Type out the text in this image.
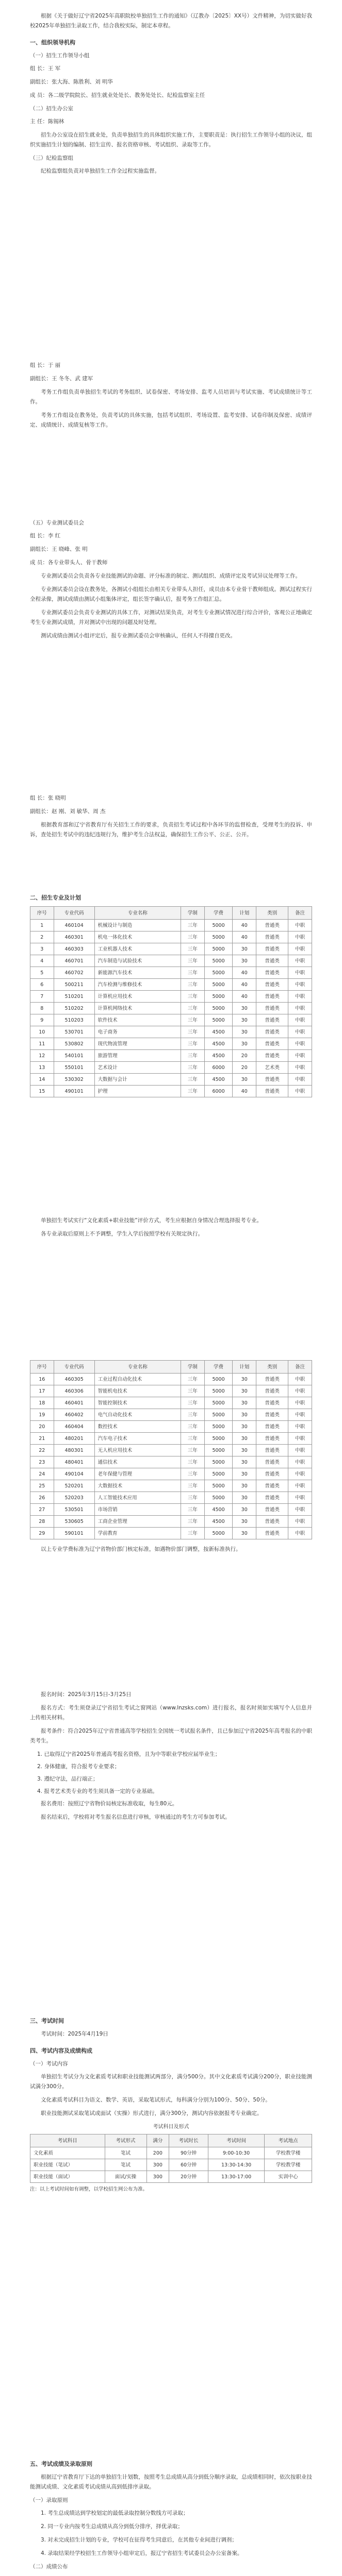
根据《关于做好辽宁省2025年高职院校单独招生工作的通知》（辽教办〔2025〕XX号）文件精神，为切实做好我校2025年单独招生录取工作，结合我校实际，制定本章程。

一、组织领导机构
（一）招生工作领导小组

组 长：王 军

副组长：张大海、陈胜利、刘 明华

成 员：各二级学院院长、招生就业处处长、教务处处长、纪检监察室主任

（二）招生办公室

主 任：陈锡林

招生办公室设在招生就业处，负责单独招生的具体组织实施工作，主要职责是：执行招生工作领导小组的决议，组织实施招生计划的编制、招生宣传、报名资格审核、考试组织、录取等工作。

（三）纪检监察组

纪检监察组负责对单独招生工作全过程实施监督。

组 长：于 丽

副组长：王 冬冬、武 建军

考务工作组负责单独招生考试的考务组织、试卷保密、考场安排、监考人员培训与考试实施、考试成绩统计等工作。

考务工作组设在教务处，负责考试的具体实施，包括考试组织、考场设置、监考安排、试卷印制及保密、成绩评定、成绩统计、成绩复核等工作。

（五）专业测试委员会

组 长：李 红

副组长：王 晓峰、张 明

成 员：各专业带头人、骨干教师

专业测试委员会负责各专业技能测试的命题、评分标准的制定、测试组织、成绩评定及考试异议处理等工作。

专业测试委员会设在教务处，各测试小组组长由相关专业带头人担任，成员由本专业骨干教师组成。测试过程实行全程录像，测试成绩由测试小组集体评定，组长签字确认后，报考务工作组汇总。

专业测试委员会负责专业测试的具体工作，对测试结果负责，对考生专业测试情况进行综合评价，客观公正地确定考生专业测试成绩，并对测试中出现的问题及时处理。

测试成绩由测试小组评定后，报专业测试委员会审核确认，任何人不得擅自更改。

组 长：张 晓明

副组长：赵 刚、刘 敏华、周 杰

根据教育部和辽宁省教育厅有关招生工作的要求，负责招生考试过程中各环节的监督检查，受理考生的投诉、申诉，查处招生考试中的违纪违规行为，维护考生合法权益，确保招生工作公平、公正、公开。

二、招生专业及计划
序号	专业代码	专业名称	学制	学费	计划	类别	备注
1	460104	机械设计与制造	三年	5000	40	普通类	中职
2	460301	机电一体化技术	三年	5000	40	普通类	中职
3	460303	工业机器人技术	三年	5000	30	普通类	中职
4	460701	汽车制造与试验技术	三年	5000	30	普通类	中职
5	460702	新能源汽车技术	三年	5000	40	普通类	中职
6	500211	汽车检测与维修技术	三年	5000	40	普通类	中职
7	510201	计算机应用技术	三年	5000	40	普通类	中职
8	510202	计算机网络技术	三年	5000	30	普通类	中职
9	510203	软件技术	三年	5000	30	普通类	中职
10	530701	电子商务	三年	4500	30	普通类	中职
11	530802	现代物流管理	三年	4500	30	普通类	中职
12	540101	旅游管理	三年	4500	20	普通类	中职
13	550101	艺术设计	三年	6000	20	艺术类	中职
14	530302	大数据与会计	三年	4500	30	普通类	中职
15	490101	护理	三年	6000	40	普通类	中职

单独招生考试实行“文化素质+职业技能”评价方式，考生应根据自身情况合理选择报考专业。

各专业录取后原则上不予调整，学生入学后按照学校有关规定执行。

序号	专业代码	专业名称	学制	学费	计划	类别	备注
16	460305	工业过程自动化技术	三年	5000	30	普通类	中职
17	460306	智能机电技术	三年	5000	30	普通类	中职
18	460401	智能控制技术	三年	5000	30	普通类	中职
19	460402	电气自动化技术	三年	5000	30	普通类	中职
20	460404	数控技术	三年	5000	30	普通类	中职
21	480201	汽车电子技术	三年	5000	30	普通类	中职
22	480301	无人机应用技术	三年	5000	30	普通类	中职
23	480401	通信技术	三年	5000	30	普通类	中职
24	490104	老年保健与管理	三年	5000	30	普通类	中职
25	520201	大数据技术	三年	5000	30	普通类	中职
26	520203	人工智能技术应用	三年	5000	30	普通类	中职
27	530501	市场营销	三年	4500	30	普通类	中职
28	530605	工商企业管理	三年	4500	30	普通类	中职
29	590101	学前教育	三年	5000	30	普通类	中职

以上专业学费标准为辽宁省物价部门核定标准，如遇物价部门调整，按新标准执行。

报名时间：2025年3月15日-3月25日

报名方式：考生须登录辽宁省招生考试之窗网站（www.lnzsks.com）进行报名，报名时须如实填写个人信息并上传相关材料。

报考条件：符合2025年辽宁省普通高等学校招生全国统一考试报名条件，且已参加辽宁省2025年高考报名的中职类考生。

1. 已取得辽宁省2025年普通高考报名资格，且为中等职业学校应届毕业生；

2. 身体健康，符合报考专业要求；

3. 遵纪守法，品行端正；

4. 报考艺术类专业的考生须具备一定的专业基础。

报名费用：按照辽宁省物价局核定标准收取，每生80元。

报名结束后，学校将对考生报名信息进行审核，审核通过的考生方可参加考试。

三、考试时间

考试时间：2025年4月19日

四、考试内容及成绩构成
（一）考试内容

单独招生考试分为文化素质考试和职业技能测试两部分，满分500分。其中文化素质考试满分200分，职业技能测试满分300分。

文化素质考试科目为语文、数学、英语，采取笔试形式，每科满分分别为100分、50分、50分。

职业技能测试采取笔试或面试（实操）形式进行，满分300分，测试内容依据报考专业确定。

考试科目及形式
考试科目	考试形式	满分	考试时长	考试时间	考试地点
文化素质	笔试	200	90分钟	9:00-10:30	学校教学楼
职业技能（笔试）	笔试	300	60分钟	13:30-14:30	学校教学楼
职业技能（面试）	面试/实操	300	20分钟	13:30-17:00	实训中心

注：以上考试时间如有调整，以学校招生网公布为准。

五、考试成绩及录取原则

根据辽宁省教育厅下达的单独招生计划数，按照考生总成绩从高分到低分顺序录取，总成绩相同时，依次按职业技能测试成绩、文化素质考试成绩从高到低排序录取。

（一）录取原则

1. 考生总成绩达到学校划定的最低录取控制分数线方可录取；

2. 同一专业内按考生总成绩从高分到低分排序，择优录取；

3. 对未完成招生计划的专业，学校可在征得考生同意后，在其他专业间进行调剂；

4. 录取结果经学校招生工作领导小组审定后，报辽宁省招生考试委员会办公室备案。

（二）成绩公布
